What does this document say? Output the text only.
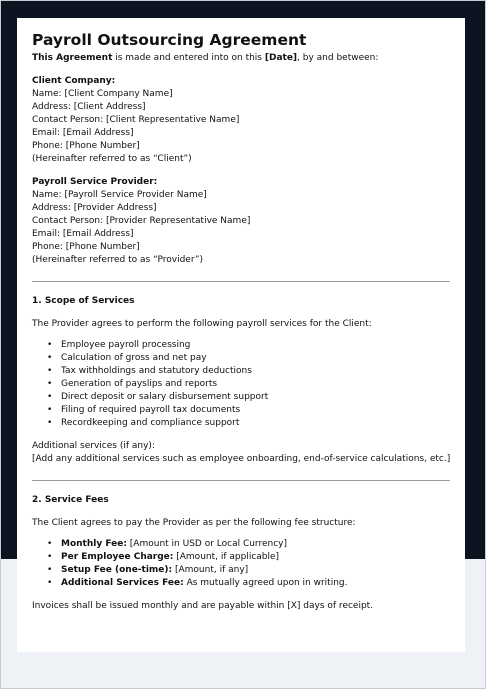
Payroll Outsourcing Agreement
This Agreement is made and entered into on this [Date], by and between:
Client Company:
Name: [Client Company Name]
Address: [Client Address]
Contact Person: [Client Representative Name]
Email: [Email Address]
Phone: [Phone Number]
(Hereinafter referred to as “Client”)
Payroll Service Provider:
Name: [Payroll Service Provider Name]
Address: [Provider Address]
Contact Person: [Provider Representative Name]
Email: [Email Address]
Phone: [Phone Number]
(Hereinafter referred to as “Provider”)
1. Scope of Services
The Provider agrees to perform the following payroll services for the Client:
• Employee payroll processing
• Calculation of gross and net pay
• Tax withholdings and statutory deductions
• Generation of payslips and reports
• Direct deposit or salary disbursement support
• Filing of required payroll tax documents
• Recordkeeping and compliance support
Additional services (if any):
[Add any additional services such as employee onboarding, end-of-service calculations, etc.]
2. Service Fees
The Client agrees to pay the Provider as per the following fee structure:
• Monthly Fee: [Amount in USD or Local Currency]
• Per Employee Charge: [Amount, if applicable]
• Setup Fee (one-time): [Amount, if any]
• Additional Services Fee: As mutually agreed upon in writing.
Invoices shall be issued monthly and are payable within [X] days of receipt.
